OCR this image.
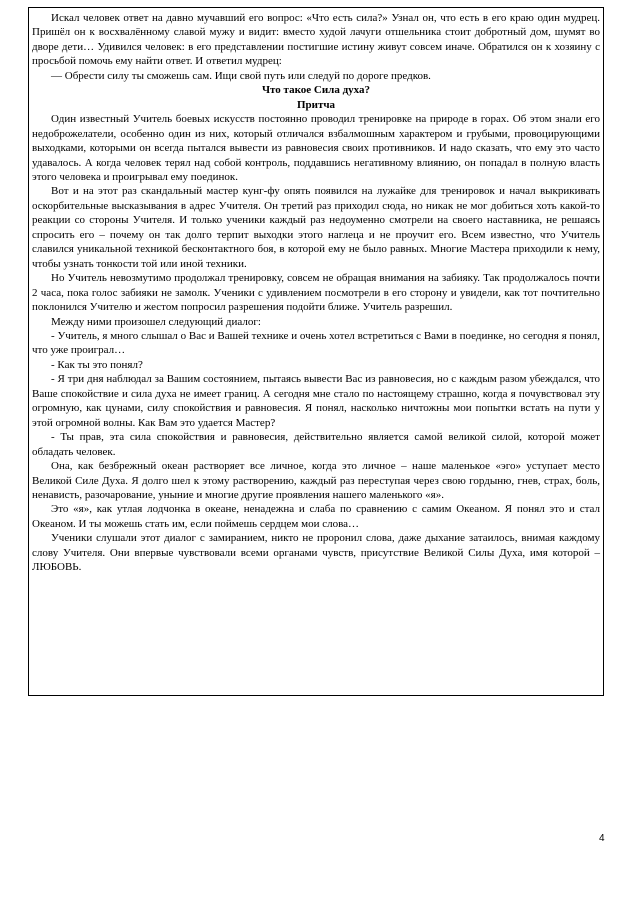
Искал человек ответ на давно мучавший его вопрос: «Что есть сила?» Узнал он, что есть в его краю один мудрец. Пришёл он к восхвалённому славой мужу и видит: вместо худой лачуги отшельника стоит добротный дом, шумят во дворе дети… Удивился человек: в его представлении постигшие истину живут совсем иначе. Обратился он к хозяину с просьбой помочь ему найти ответ. И ответил мудрец:

— Обрести силу ты сможешь сам. Ищи свой путь или следуй по дороге предков.

Что такое Сила духа?

Притча

Один известный Учитель боевых искусств постоянно проводил тренировке на природе в горах. Об этом знали его недоброжелатели, особенно один из них, который отличался взбалмошным характером и грубыми, провоцирующими выходками, которыми он всегда пытался вывести из равновесия своих противников. И надо сказать, что ему это часто удавалось. А когда человек терял над собой контроль, поддавшись негативному влиянию, он попадал в полную власть этого человека и проигрывал ему поединок.

Вот и на этот раз скандальный мастер кунг-фу опять появился на лужайке для тренировок и начал выкрикивать оскорбительные высказывания в адрес Учителя. Он третий раз приходил сюда, но никак не мог добиться хоть какой-то реакции со стороны Учителя. И только ученики каждый раз недоуменно смотрели на своего наставника, не решаясь спросить его – почему он так долго терпит выходки этого наглеца и не проучит его. Всем известно, что Учитель славился уникальной техникой бесконтактного боя, в которой ему не было равных. Многие Мастера приходили к нему, чтобы узнать тонкости той или иной техники.

Но Учитель невозмутимо продолжал тренировку, совсем не обращая внимания на забияку. Так продолжалось почти 2 часа, пока голос забияки не замолк. Ученики с удивлением посмотрели в его сторону и увидели, как тот почтительно поклонился Учителю и жестом попросил разрешения подойти ближе. Учитель разрешил.

Между ними произошел следующий диалог:

- Учитель, я много слышал о Вас и Вашей технике и очень хотел встретиться с Вами в поединке, но сегодня я понял, что уже проиграл…

- Как ты это понял?

- Я три дня наблюдал за Вашим состоянием, пытаясь вывести Вас из равновесия, но с каждым разом убеждался, что Ваше спокойствие и сила духа не имеет границ. А сегодня мне стало по настоящему страшно, когда я почувствовал эту огромную, как цунами, силу спокойствия и равновесия. Я понял, насколько ничтожны мои попытки встать на пути у этой огромной волны. Как Вам это удается Мастер?

- Ты прав, эта сила спокойствия и равновесия, действительно является самой великой силой, которой может обладать человек.

Она, как безбрежный океан растворяет все личное, когда это личное – наше маленькое «эго» уступает место Великой Силе Духа. Я долго шел к этому растворению, каждый раз переступая через свою гордыню, гнев, страх, боль, ненависть, разочарование, уныние и многие другие проявления нашего маленького «я».

Это «я», как утлая лодчонка в океане, ненадежна и слаба по сравнению с самим Океаном. Я понял это и стал Океаном. И ты можешь стать им, если поймешь сердцем мои слова…

Ученики слушали этот диалог с замиранием, никто не проронил слова, даже дыхание затаилось, внимая каждому слову Учителя. Они впервые чувствовали всеми органами чувств, присутствие Великой Силы Духа, имя которой – ЛЮБОВЬ.

4
